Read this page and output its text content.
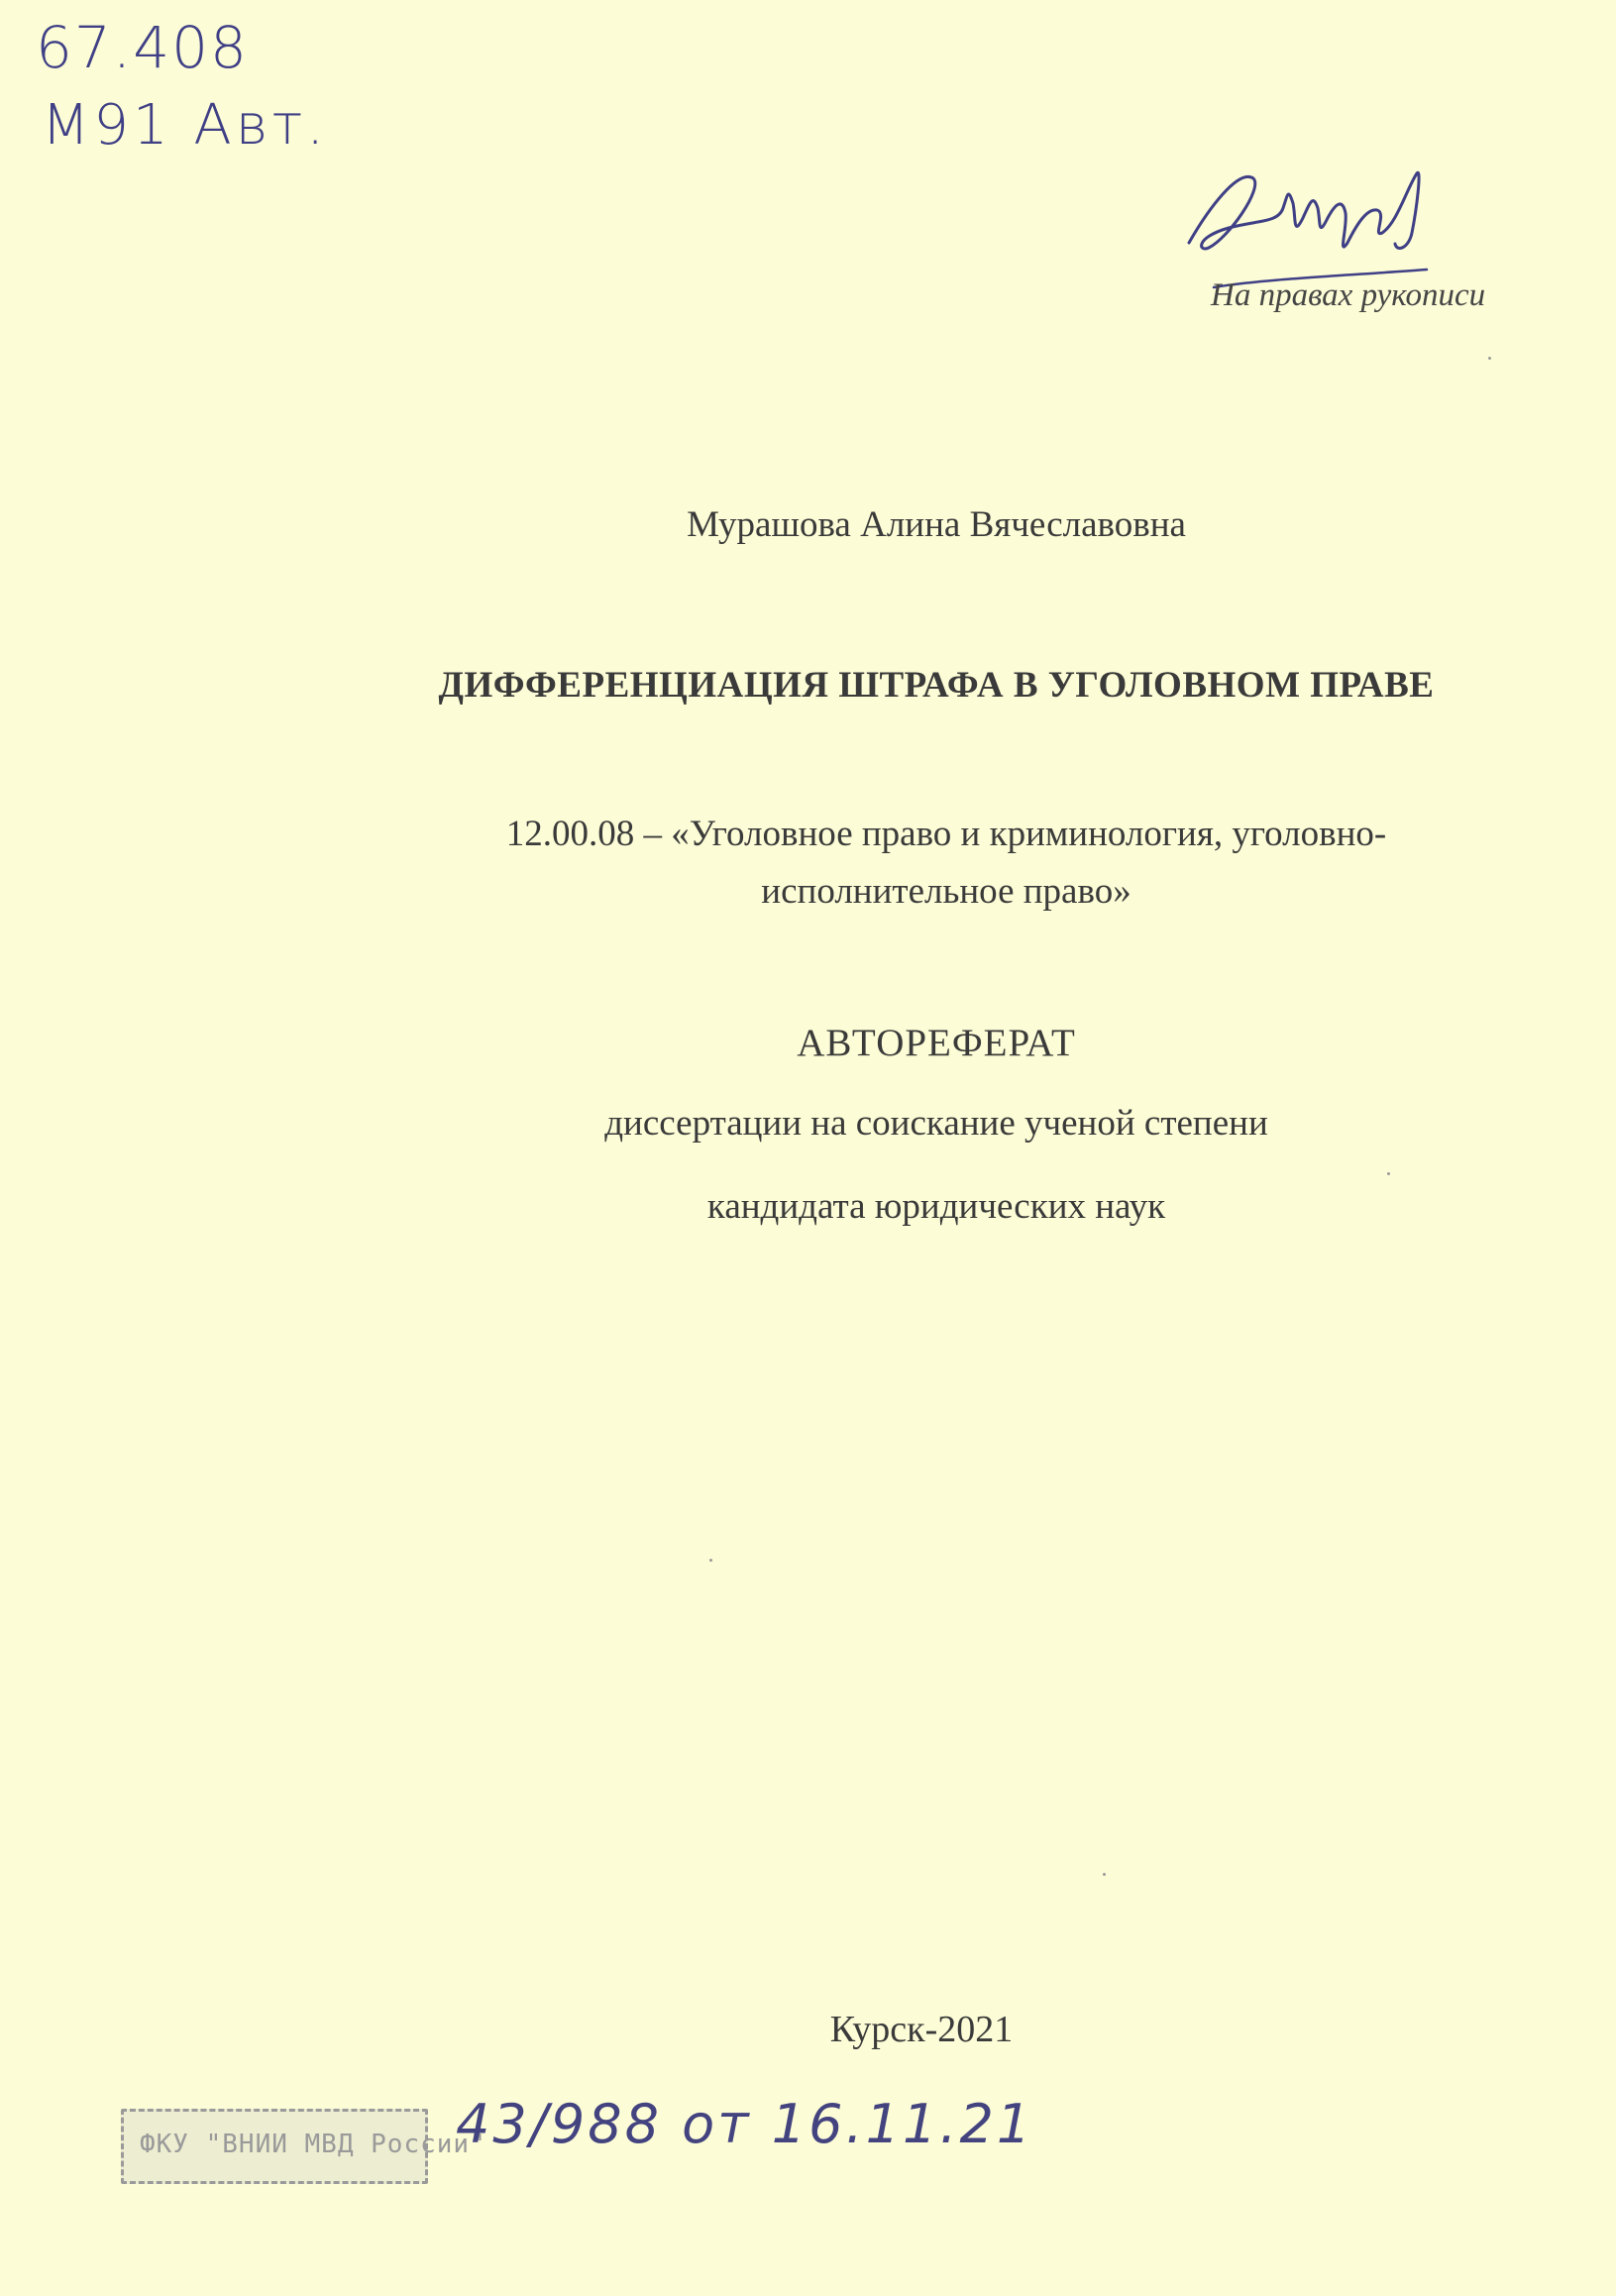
67.408
М91 Авт.
На правах рукописи
Мурашова Алина Вячеславовна
ДИФФЕРЕНЦИАЦИЯ ШТРАФА В УГОЛОВНОМ ПРАВЕ
12.00.08 – «Уголовное право и криминология, уголовно-
исполнительное право»
АВТОРЕФЕРАТ
диссертации на соискание ученой степени
кандидата юридических наук
Курск-2021
ФКУ "ВНИИ МВД России"
43/988 от 16.11.21
